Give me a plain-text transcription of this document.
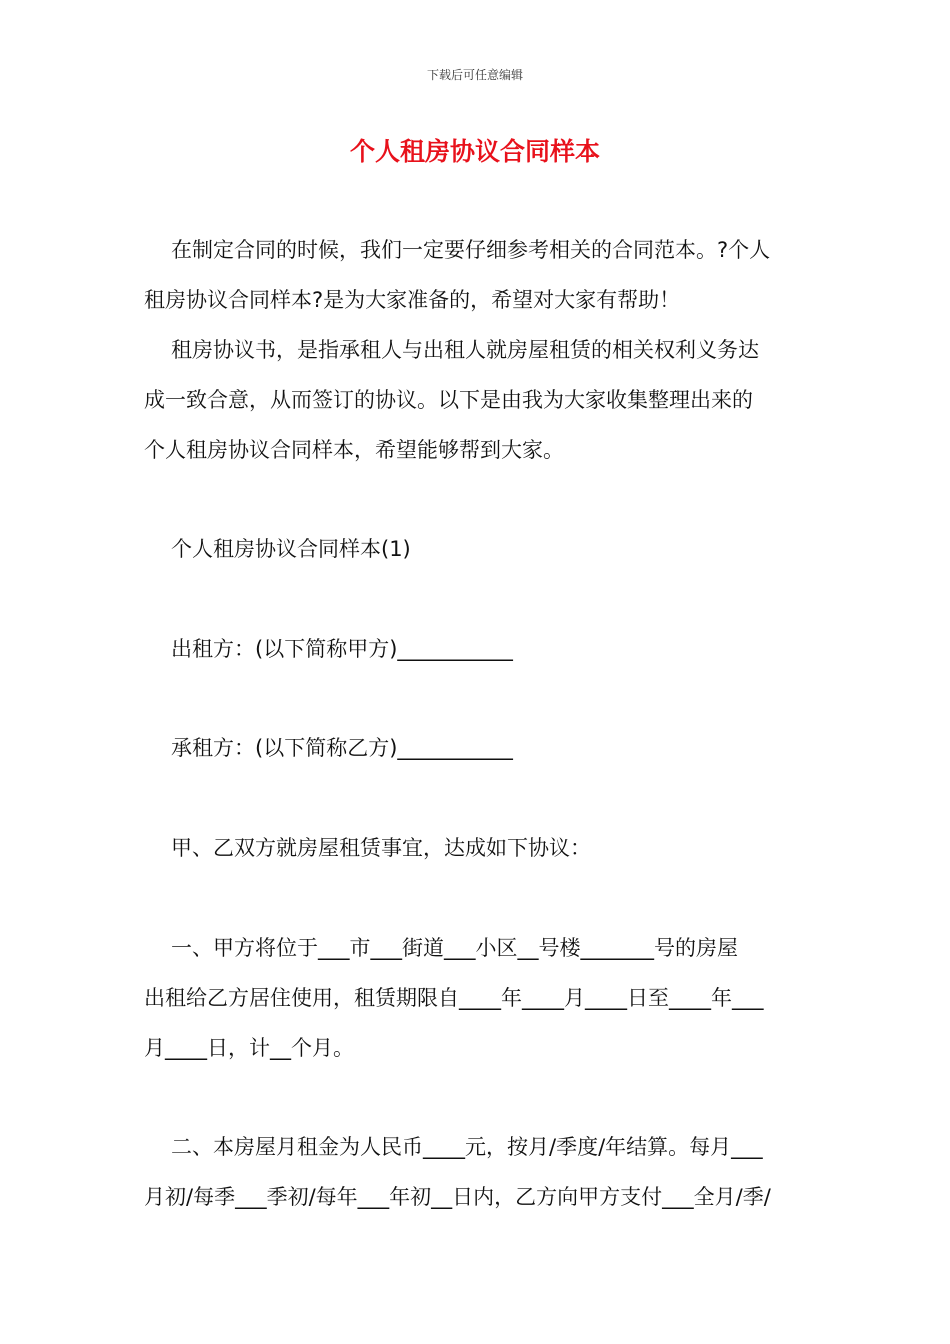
下载后可任意编辑
个人租房协议合同样本
在制定合同的时候，我们一定要仔细参考相关的合同范本。?个人
租房协议合同样本?是为大家准备的，希望对大家有帮助！
租房协议书，是指承租人与出租人就房屋租赁的相关权利义务达
成一致合意，从而签订的协议。以下是由我为大家收集整理出来的
个人租房协议合同样本，希望能够帮到大家。
个人租房协议合同样本(1)
出租方：(以下简称甲方)___________
承租方：(以下简称乙方)___________
甲、乙双方就房屋租赁事宜，达成如下协议：
一、甲方将位于___市___街道___小区__号楼_______号的房屋
出租给乙方居住使用，租赁期限自____年____月____日至____年___
月____日，计__个月。
二、本房屋月租金为人民币____元，按月/季度/年结算。每月___
月初/每季___季初/每年___年初__日内，乙方向甲方支付___全月/季/
